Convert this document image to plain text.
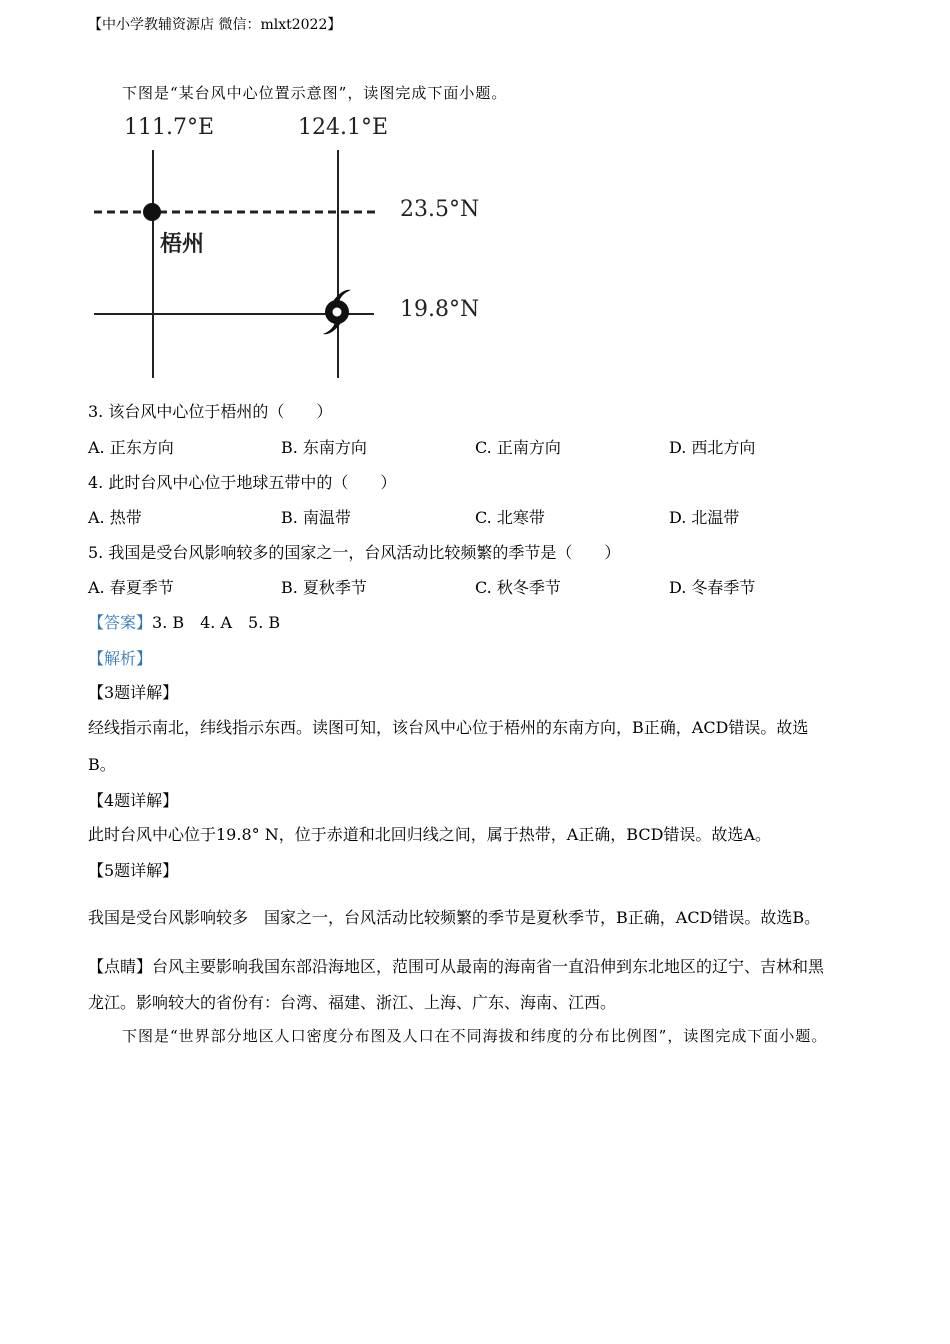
【中小学教辅资源店 微信：mlxt2022】
下图是“某台风中心位置示意图”，读图完成下面小题。
111.7°E	124.1°E
23.5°N
19.8°N
梧州
3. 该台风中心位于梧州的（　　）
A. 正东方向	B. 东南方向	C. 正南方向	D. 西北方向
4. 此时台风中心位于地球五带中的（　　）
A. 热带	B. 南温带	C. 北寒带	D. 北温带
5. 我国是受台风影响较多的国家之一，台风活动比较频繁的季节是（　　）
A. 春夏季节	B. 夏秋季节	C. 秋冬季节	D. 冬春季节
【答案】3. B　4. A　5. B
【解析】
【3题详解】
经线指示南北，纬线指示东西。读图可知，该台风中心位于梧州的东南方向，B正确，ACD错误。故选
B。
【4题详解】
此时台风中心位于19.8° N，位于赤道和北回归线之间，属于热带，A正确，BCD错误。故选A。
【5题详解】
我国是受台风影响较多　国家之一，台风活动比较频繁的季节是夏秋季节，B正确，ACD错误。故选B。
【点睛】台风主要影响我国东部沿海地区，范围可从最南的海南省一直沿伸到东北地区的辽宁、吉林和黑
龙江。影响较大的省份有：台湾、福建、浙江、上海、广东、海南、江西。
下图是“世界部分地区人口密度分布图及人口在不同海拔和纬度的分布比例图”，读图完成下面小题。
